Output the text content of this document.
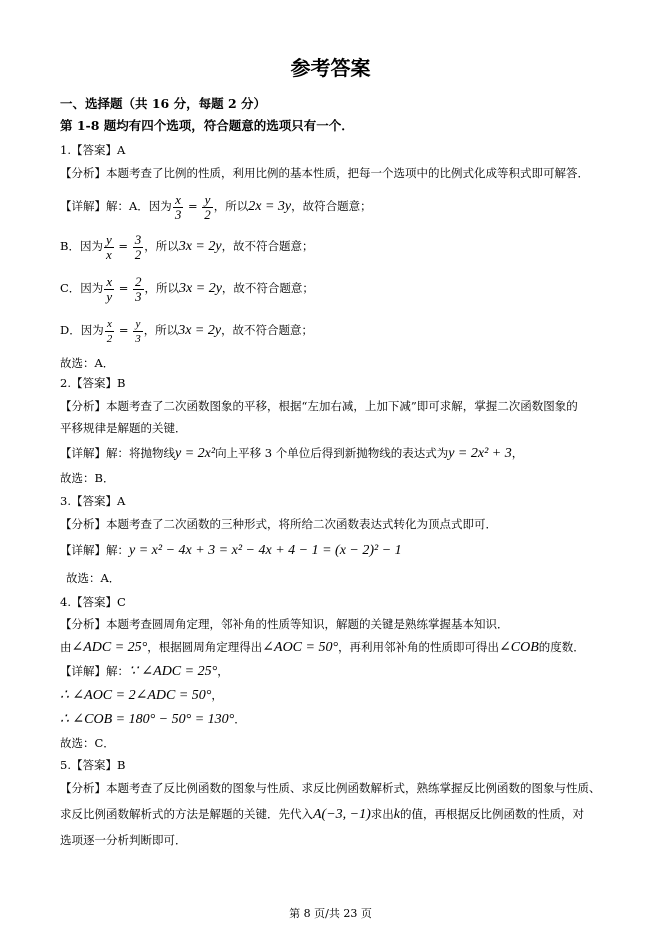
参考答案
一、选择题（共 16 分，每题 2 分）
第 1-8 题均有四个选项，符合题意的选项只有一个．
1.【答案】A
【分析】本题考查了比例的性质，利用比例的基本性质，把每一个选项中的比例式化成等积式即可解答．
【详解】解：A．因为 $\frac{x}{3} = \frac{y}{2}$ ，所以2x = 3y，故符合题意；
B．因为 $\frac{y}{x} = \frac{3}{2}$ ，所以3x = 2y，故不符合题意；
C．因为 $\frac{x}{y} = \frac{2}{3}$ ，所以3x = 2y，故不符合题意；
D．因为 $\frac{x}{2} = \frac{y}{3}$ ，所以3x = 2y，故不符合题意；
故选：A．
2.【答案】B
【分析】本题考查了二次函数图象的平移，根据“左加右减，上加下减”即可求解，掌握二次函数图象的
平移规律是解题的关键．
【详解】解：将抛物线y = 2x²向上平移 3 个单位后得到新抛物线的表达式为y = 2x² + 3，
故选：B．
3.【答案】A
【分析】本题考查了二次函数的三种形式，将所给二次函数表达式转化为顶点式即可．
【详解】解：y = x² − 4x + 3 = x² − 4x + 4 − 1 = (x − 2)² − 1
故选：A．
4.【答案】C
【分析】本题考查圆周角定理，邻补角的性质等知识，解题的关键是熟练掌握基本知识．
由∠ADC = 25°，根据圆周角定理得出∠AOC = 50°，再利用邻补角的性质即可得出∠COB的度数．
【详解】解：∵ ∠ADC = 25°，
∴ ∠AOC = 2∠ADC = 50°，
∴ ∠COB = 180° − 50° = 130°．
故选：C．
5.【答案】B
【分析】本题考查了反比例函数的图象与性质、求反比例函数解析式，熟练掌握反比例函数的图象与性质、
求反比例函数解析式的方法是解题的关键．先代入A(−3, −1)求出k的值，再根据反比例函数的性质，对
选项逐一分析判断即可．
第 8 页/共 23 页
